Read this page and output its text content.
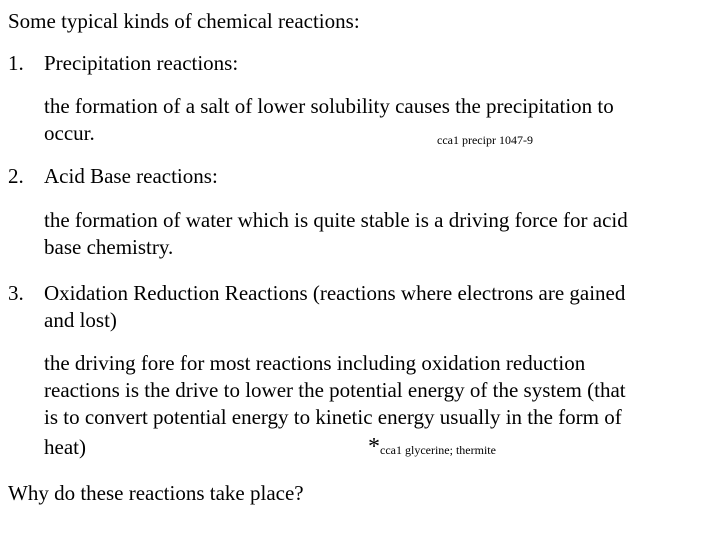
Some typical kinds of chemical reactions:
1. Precipitation reactions:
the formation of a salt of lower solubility causes the precipitation to
occur.	cca1 precipr 1047-9
2. Acid Base reactions:
the formation of water which is quite stable is a driving force for acid
base chemistry.
3. Oxidation Reduction Reactions (reactions where electrons are gained
and lost)
the driving fore for most reactions including oxidation reduction
reactions is the drive to lower the potential energy of the system (that
is to convert potential energy to kinetic energy usually in the form of
heat)	*cca1 glycerine; thermite
Why do these reactions take place?
